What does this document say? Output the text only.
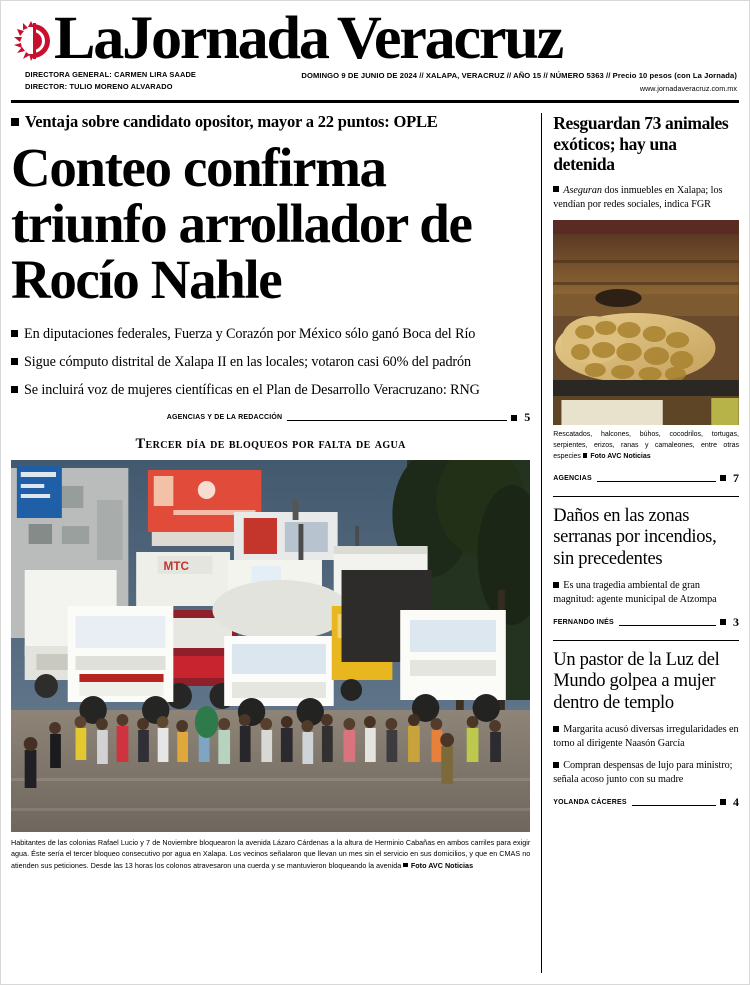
LaJornada Veracruz
DIRECTORA GENERAL: CARMEN LIRA SAADE
DIRECTOR: TULIO MORENO ALVARADO
DOMINGO 9 DE JUNIO DE 2024 // XALAPA, VERACRUZ // AÑO 15 // NÚMERO 5363 // Precio 10 pesos (con La Jornada)
www.jornadaveracruz.com.mx
Ventaja sobre candidato opositor, mayor a 22 puntos: OPLE
Conteo confirma triunfo arrollador de Rocío Nahle
En diputaciones federales, Fuerza y Corazón por México sólo ganó Boca del Río
Sigue cómputo distrital de Xalapa II en las locales; votaron casi 60% del padrón
Se incluirá voz de mujeres científicas en el Plan de Desarrollo Veracruzano: RNG
AGENCIAS Y DE LA REDACCIÓN	5
Tercer día de bloqueos por falta de agua
MTC
Habitantes de las colonias Rafael Lucio y 7 de Noviembre bloquearon la avenida Lázaro Cárdenas a la altura de Herminio Cabañas en ambos carriles para exigir agua. Éste sería el tercer bloqueo consecutivo por agua en Xalapa. Los vecinos señalaron que llevan un mes sin el servicio en sus domicilios, y que en CMAS no atienden sus peticiones. Desde las 13 horas los colonos atravesaron una cuerda y se mantuvieron bloqueando la avenida Foto AVC Noticias
Resguardan 73 animales exóticos; hay una detenida
Aseguran dos inmuebles en Xalapa; los vendían por redes sociales, indica FGR
Rescatados, halcones, búhos, cocodrilos, tortugas, serpientes, erizos, ranas y camaleones, entre otras especies Foto AVC Noticias
AGENCIAS	7
Daños en las zonas serranas por incendios, sin precedentes
Es una tragedia ambiental de gran magnitud: agente municipal de Atzompa
FERNANDO INÉS	3
Un pastor de la Luz del Mundo golpea a mujer dentro de templo
Margarita acusó diversas irregularidades en torno al dirigente Naasón García
Compran despensas de lujo para ministro; señala acoso junto con su madre
YOLANDA CÁCERES	4
